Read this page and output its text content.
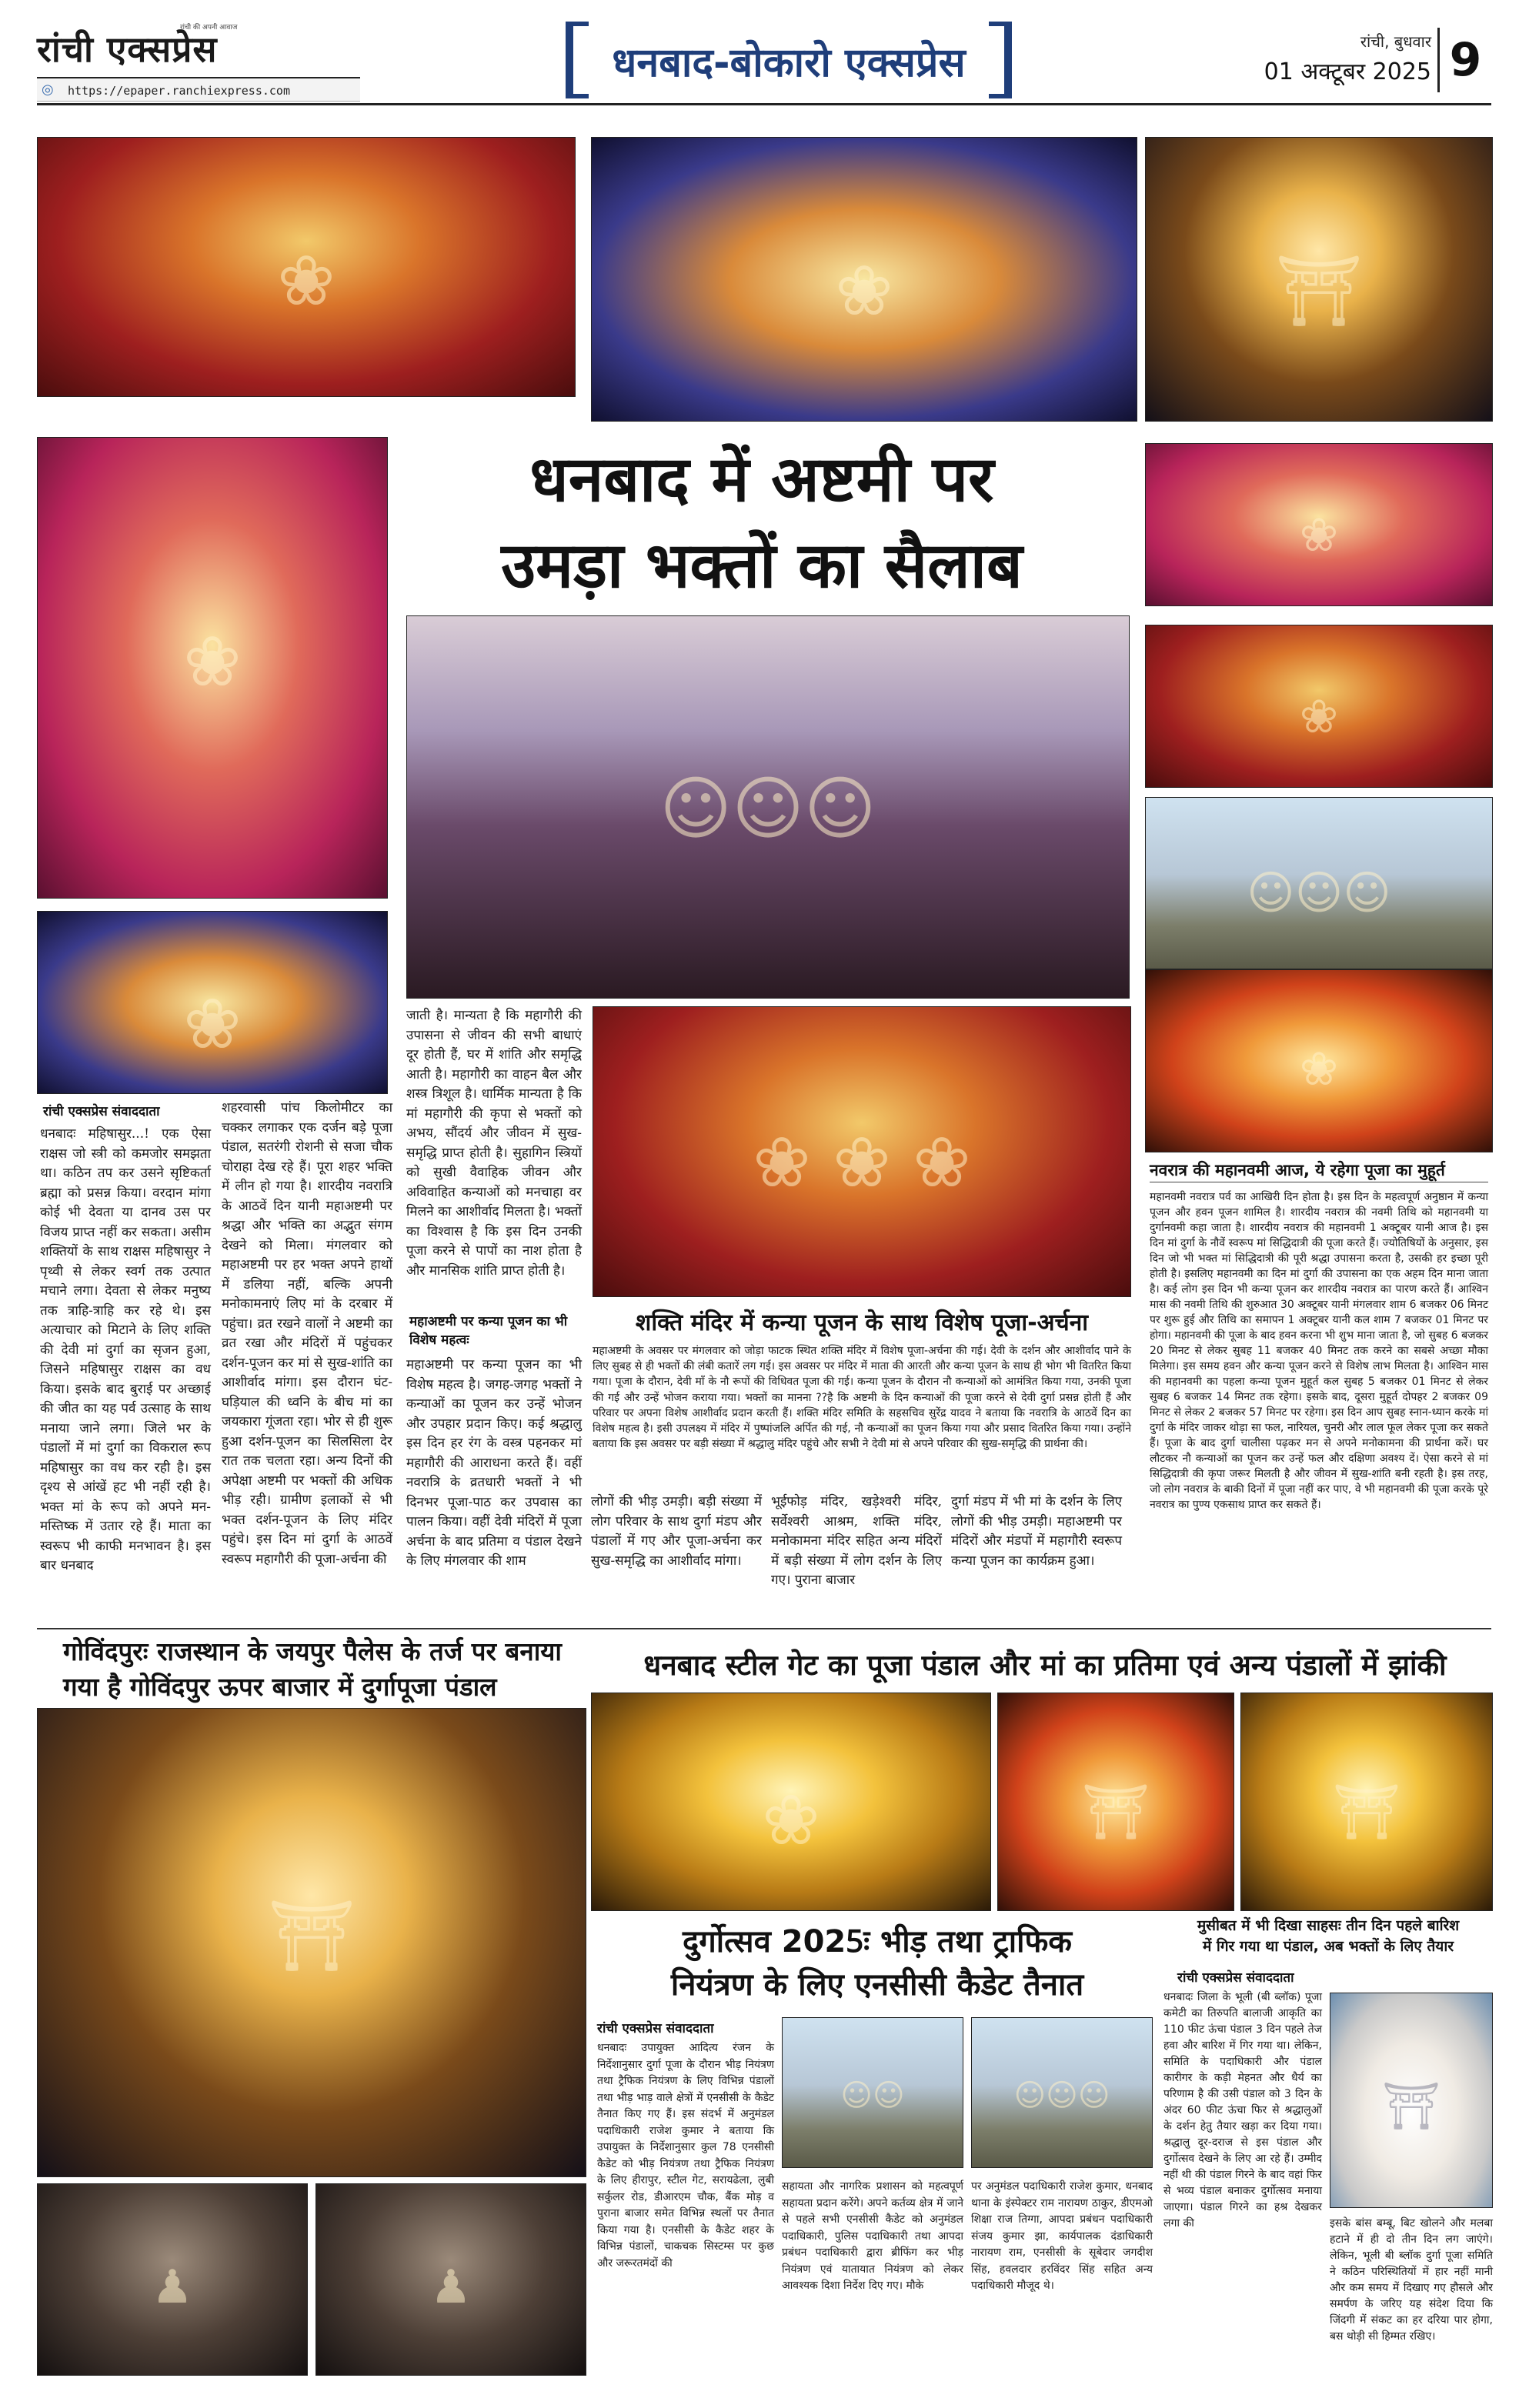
रांची एक्सप्रेस
रांची की अपनी आवाज
◎ https://epaper.ranchiexpress.com
धनबाद-बोकारो एक्सप्रेस	रांची, बुधवार
01 अक्टूबर 2025 9
❀	❀	⛩
धनबाद में अष्टमी पर
उमड़ा भक्तों का सैलाब
❀
❀
☺☺☺
❀
❀
☺☺☺
❀
रांची एक्सप्रेस संवाददाता
धनबादः महिषासुर...! एक ऐसा राक्षस जो स्त्री को कमजोर समझता था। कठिन तप कर उसने सृष्टिकर्ता ब्रह्मा को प्रसन्न किया। वरदान मांगा कोई भी देवता या दानव उस पर विजय प्राप्त नहीं कर सकता। असीम शक्तियों के साथ राक्षस महिषासुर ने पृथ्वी से लेकर स्वर्ग तक उत्पात मचाने लगा। देवता से लेकर मनुष्य तक त्राहि-त्राहि कर रहे थे। इस अत्याचार को मिटाने के लिए शक्ति की देवी मां दुर्गा का सृजन हुआ, जिसने महिषासुर राक्षस का वध किया। इसके बाद बुराई पर अच्छाई की जीत का यह पर्व उत्साह के साथ मनाया जाने लगा। जिले भर के पंडालों में मां दुर्गा का विकराल रूप महिषासुर का वध कर रही है। इस दृश्य से आंखें हट भी नहीं रही है। भक्त मां के रूप को अपने मन-मस्तिष्क में उतार रहे हैं। माता का स्वरूप भी काफी मनभावन है। इस बार धनबाद
शहरवासी पांच किलोमीटर का चक्कर लगाकर एक दर्जन बड़े पूजा पंडाल, सतरंगी रोशनी से सजा चौक चोराहा देख रहे हैं। पूरा शहर भक्ति में लीन हो गया है। शारदीय नवरात्रि के आठवें दिन यानी महाअष्टमी पर श्रद्धा और भक्ति का अद्भुत संगम देखने को मिला। मंगलवार को महाअष्टमी पर हर भक्त अपने हाथों में डलिया नहीं, बल्कि अपनी मनोकामनाएं लिए मां के दरबार में पहुंचा। व्रत रखने वालों ने अष्टमी का व्रत रखा और मंदिरों में पहुंचकर दर्शन-पूजन कर मां से सुख-शांति का आशीर्वाद मांगा। इस दौरान घंट-घड़ियाल की ध्वनि के बीच मां का जयकारा गूंजता रहा। भोर से ही शुरू हुआ दर्शन-पूजन का सिलसिला देर रात तक चलता रहा। अन्य दिनों की अपेक्षा अष्टमी पर भक्तों की अधिक भीड़ रही। ग्रामीण इलाकों से भी भक्त दर्शन-पूजन के लिए मंदिर पहुंचे। इस दिन मां दुर्गा के आठवें स्वरूप महागौरी की पूजा-अर्चना की
जाती है। मान्यता है कि महागौरी की उपासना से जीवन की सभी बाधाएं दूर होती हैं, घर में शांति और समृद्धि आती है। महागौरी का वाहन बैल और शस्त्र त्रिशूल है। धार्मिक मान्यता है कि मां महागौरी की कृपा से भक्तों को अभय, सौंदर्य और जीवन में सुख-समृद्धि प्राप्त होती है। सुहागिन स्त्रियों को सुखी वैवाहिक जीवन और अविवाहित कन्याओं को मनचाहा वर मिलने का आशीर्वाद मिलता है। भक्तों का विश्वास है कि इस दिन उनकी पूजा करने से पापों का नाश होता है और मानसिक शांति प्राप्त होती है।
महाअष्टमी पर कन्या पूजन का भी विशेष महत्वः
महाअष्टमी पर कन्या पूजन का भी विशेष महत्व है। जगह-जगह भक्तों ने कन्याओं का पूजन कर उन्हें भोजन और उपहार प्रदान किए। कई श्रद्धालु इस दिन हर रंग के वस्त्र पहनकर मां महागौरी की आराधना करते हैं। वहीं नवरात्रि के व्रतधारी भक्तों ने भी दिनभर पूजा-पाठ कर उपवास का पालन किया। वहीं देवी मंदिरों में पूजा अर्चना के बाद प्रतिमा व पंडाल देखने के लिए मंगलवार की शाम
❀ ❀ ❀
शक्ति मंदिर में कन्या पूजन के साथ विशेष पूजा-अर्चना
महाअष्टमी के अवसर पर मंगलवार को जोड़ा फाटक स्थित शक्ति मंदिर में विशेष पूजा-अर्चना की गई। देवी के दर्शन और आशीर्वाद पाने के लिए सुबह से ही भक्तों की लंबी कतारें लग गई। इस अवसर पर मंदिर में माता की आरती और कन्या पूजन के साथ ही भोग भी वितरित किया गया। पूजा के दौरान, देवी माँ के नौ रूपों की विधिवत पूजा की गई। कन्या पूजन के दौरान नौ कन्याओं को आमंत्रित किया गया, उनकी पूजा की गई और उन्हें भोजन कराया गया। भक्तों का मानना ??है कि अष्टमी के दिन कन्याओं की पूजा करने से देवी दुर्गा प्रसन्न होती हैं और परिवार पर अपना विशेष आशीर्वाद प्रदान करती हैं। शक्ति मंदिर समिति के सहसचिव सुरेंद्र यादव ने बताया कि नवरात्रि के आठवें दिन का विशेष महत्व है। इसी उपलक्ष्य में मंदिर में पुष्पांजलि अर्पित की गई, नौ कन्याओं का पूजन किया गया और प्रसाद वितरित किया गया। उन्होंने बताया कि इस अवसर पर बड़ी संख्या में श्रद्धालु मंदिर पहुंचे और सभी ने देवी मां से अपने परिवार की सुख-समृद्धि की प्रार्थना की।
लोगों की भीड़ उमड़ी। बड़ी संख्या में लोग परिवार के साथ दुर्गा मंडप और पंडालों में गए और पूजा-अर्चना कर सुख-समृद्धि का आशीर्वाद मांगा।
भूईफोड़ मंदिर, खड़ेश्वरी मंदिर, सर्वेश्वरी आश्रम, शक्ति मंदिर, मनोकामना मंदिर सहित अन्य मंदिरों में बड़ी संख्या में लोग दर्शन के लिए गए। पुराना बाजार
दुर्गा मंडप में भी मां के दर्शन के लिए लोगों की भीड़ उमड़ी। महाअष्टमी पर मंदिरों और मंडपों में महागौरी स्वरूप कन्या पूजन का कार्यक्रम हुआ।
नवरात्र की महानवमी आज, ये रहेगा पूजा का मुहूर्त
महानवमी नवरात्र पर्व का आखिरी दिन होता है। इस दिन के महत्वपूर्ण अनुष्ठान में कन्या पूजन और हवन पूजन शामिल है। शारदीय नवरात्र की नवमी तिथि को महानवमी या दुर्गानवमी कहा जाता है। शारदीय नवरात्र की महानवमी 1 अक्टूबर यानी आज है। इस दिन मां दुर्गा के नौवें स्वरूप मां सिद्धिदात्री की पूजा करते हैं। ज्योतिषियों के अनुसार, इस दिन जो भी भक्त मां सिद्धिदात्री की पूरी श्रद्धा उपासना करता है, उसकी हर इच्छा पूरी होती है। इसलिए महानवमी का दिन मां दुर्गा की उपासना का एक अहम दिन माना जाता है। कई लोग इस दिन भी कन्या पूजन कर शारदीय नवरात्र का पारण करते हैं। आश्विन मास की नवमी तिथि की शुरुआत 30 अक्टूबर यानी मंगलवार शाम 6 बजकर 06 मिनट पर शुरू हुई और तिथि का समापन 1 अक्टूबर यानी कल शाम 7 बजकर 01 मिनट पर होगा। महानवमी की पूजा के बाद हवन करना भी शुभ माना जाता है, जो सुबह 6 बजकर 20 मिनट से लेकर सुबह 11 बजकर 40 मिनट तक करने का सबसे अच्छा मौका मिलेगा। इस समय हवन और कन्या पूजन करने से विशेष लाभ मिलता है। आश्विन मास की महानवमी का पहला कन्या पूजन मुहूर्त कल सुबह 5 बजकर 01 मिनट से लेकर सुबह 6 बजकर 14 मिनट तक रहेगा। इसके बाद, दूसरा मुहूर्त दोपहर 2 बजकर 09 मिनट से लेकर 2 बजकर 57 मिनट पर रहेगा। इस दिन आप सुबह स्नान-ध्यान करके मां दुर्गा के मंदिर जाकर थोड़ा सा फल, नारियल, चुनरी और लाल फूल लेकर पूजा कर सकते हैं। पूजा के बाद दुर्गा चालीसा पढ़कर मन से अपने मनोकामना की प्रार्थना करें। घर लौटकर नौ कन्याओं का पूजन कर उन्हें फल और दक्षिणा अवश्य दें। ऐसा करने से मां सिद्धिदात्री की कृपा जरूर मिलती है और जीवन में सुख-शांति बनी रहती है। इस तरह, जो लोग नवरात्र के बाकी दिनों में पूजा नहीं कर पाए, वे भी महानवमी की पूजा करके पूरे नवरात्र का पुण्य एकसाथ प्राप्त कर सकते हैं।
गोविंदपुरः राजस्थान के जयपुर पैलेस के तर्ज पर बनाया गया है गोविंदपुर ऊपर बाजार में दुर्गापूजा पंडाल
⛩
♟	♟
धनबाद स्टील गेट का पूजा पंडाल और मां का प्रतिमा एवं अन्य पंडालों में झांकी
❀	⛩	⛩
दुर्गोत्सव 2025ः भीड़ तथा ट्राफिक
नियंत्रण के लिए एनसीसी कैडेट तैनात
रांची एक्सप्रेस संवाददाता
धनबादः उपायुक्त आदित्य रंजन के निर्देशानुसार दुर्गा पूजा के दौरान भीड़ नियंत्रण तथा ट्रैफिक नियंत्रण के लिए विभिन्न पंडालों तथा भीड़ भाड़ वाले क्षेत्रों में एनसीसी के कैडेट तैनात किए गए हैं। इस संदर्भ में अनुमंडल पदाधिकारी राजेश कुमार ने बताया कि उपायुक्त के निर्देशानुसार कुल 78 एनसीसी कैडेट को भीड़ नियंत्रण तथा ट्रैफिक नियंत्रण के लिए हीरापुर, स्टील गेट, सरायढेला, लुबी सर्कुलर रोड, डीआरएम चौक, बैंक मोड़ व पुराना बाजार समेत विभिन्न स्थलों पर तैनात किया गया है। एनसीसी के कैडेट शहर के विभिन्न पंडालों, चाकचक सिस्टम्स पर कुछ और जरूरतमंदों की
☺☺
सहायता और नागरिक प्रशासन को महत्वपूर्ण सहायता प्रदान करेंगे। अपने कर्तव्य क्षेत्र में जाने से पहले सभी एनसीसी कैडेट को अनुमंडल पदाधिकारी, पुलिस पदाधिकारी तथा आपदा प्रबंधन पदाधिकारी द्वारा ब्रीफिंग कर भीड़ नियंत्रण एवं यातायात नियंत्रण को लेकर आवश्यक दिशा निर्देश दिए गए। मौके
☺☺☺
पर अनुमंडल पदाधिकारी राजेश कुमार, धनबाद थाना के इंस्पेक्टर राम नारायण ठाकुर, डीएमओ शिक्षा राज तिग्गा, आपदा प्रबंधन पदाधिकारी संजय कुमार झा, कार्यपालक दंडाधिकारी नारायण राम, एनसीसी के सूबेदार जगदीश सिंह, हवलदार हरविंदर सिंह सहित अन्य पदाधिकारी मौजूद थे।
मुसीबत में भी दिखा साहसः तीन दिन पहले बारिश
में गिर गया था पंडाल, अब भक्तों के लिए तैयार
रांची एक्सप्रेस संवाददाता
धनबादः जिला के भूली (बी ब्लॉक) पूजा कमेटी का तिरुपति बालाजी आकृति का 110 फीट ऊंचा पंडाल 3 दिन पहले तेज हवा और बारिश में गिर गया था। लेकिन, समिति के पदाधिकारी और पंडाल कारीगर के कड़ी मेहनत और धैर्य का परिणाम है की उसी पंडाल को 3 दिन के अंदर 60 फीट ऊंचा फिर से श्रद्धालुओं के दर्शन हेतु तैयार खड़ा कर दिया गया। श्रद्धालु दूर-दराज से इस पंडाल और दुर्गोत्सव देखने के लिए आ रहे हैं। उम्मीद नहीं थी की पंडाल गिरने के बाद वहां फिर से भव्य पंडाल बनाकर दुर्गोत्सव मनाया जाएगा। पंडाल गिरने का हश्र देखकर लगा की
⛩
इसके बांस बम्बू, बिट खोलने और मलबा हटाने में ही दो तीन दिन लग जाएंगे। लेकिन, भूली बी ब्लॉक दुर्गा पूजा समिति ने कठिन परिस्थितियों में हार नहीं मानी और कम समय में दिखाए गए हौसले और समर्पण के जरिए यह संदेश दिया कि जिंदगी में संकट का हर दरिया पार होगा, बस थोड़ी सी हिम्मत रखिए।
